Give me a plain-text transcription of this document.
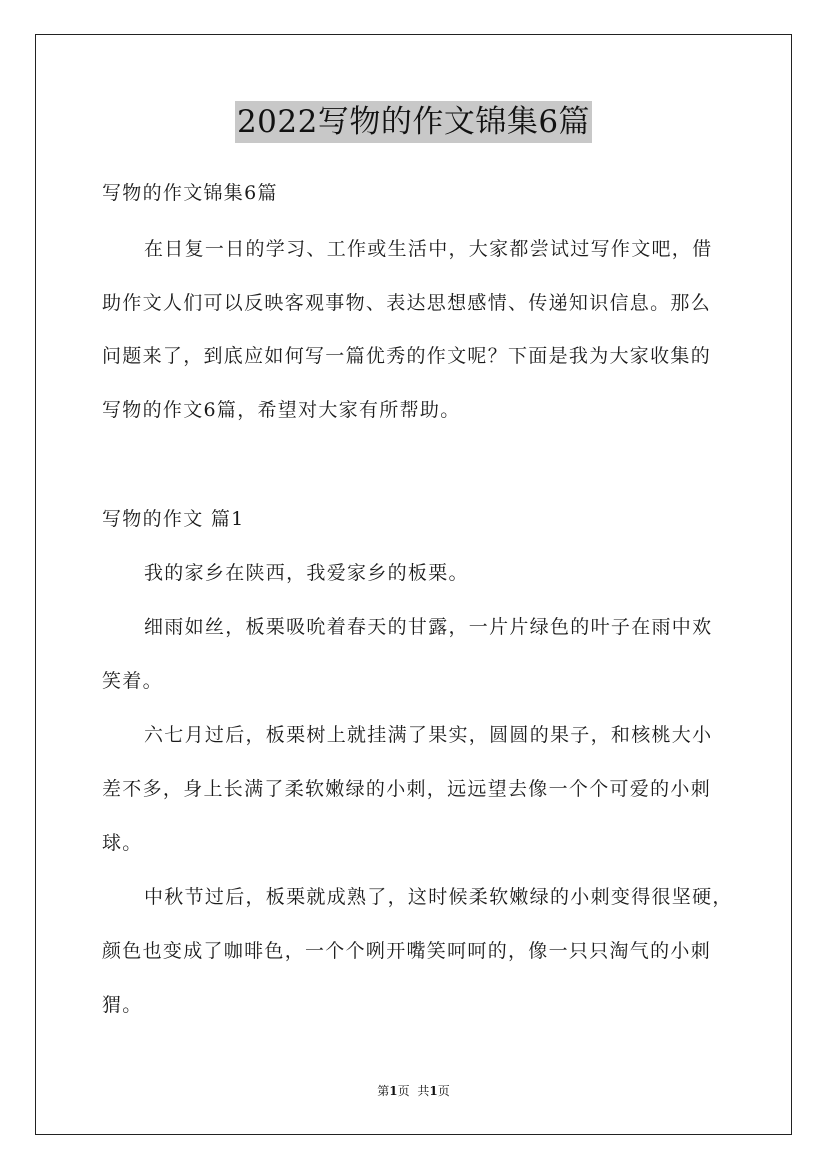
2022写物的作文锦集6篇
写物的作文锦集6篇
在日复一日的学习、工作或生活中，大家都尝试过写作文吧，借
助作文人们可以反映客观事物、表达思想感情、传递知识信息。那么
问题来了，到底应如何写一篇优秀的作文呢？下面是我为大家收集的
写物的作文6篇，希望对大家有所帮助。
写物的作文 篇1
我的家乡在陕西，我爱家乡的板栗。
细雨如丝，板栗吸吮着春天的甘露，一片片绿色的叶子在雨中欢
笑着。
六七月过后，板栗树上就挂满了果实，圆圆的果子，和核桃大小
差不多，身上长满了柔软嫩绿的小刺，远远望去像一个个可爱的小刺
球。
中秋节过后，板栗就成熟了，这时候柔软嫩绿的小刺变得很坚硬，
颜色也变成了咖啡色，一个个咧开嘴笑呵呵的，像一只只淘气的小刺
猬。
第1页 共1页
